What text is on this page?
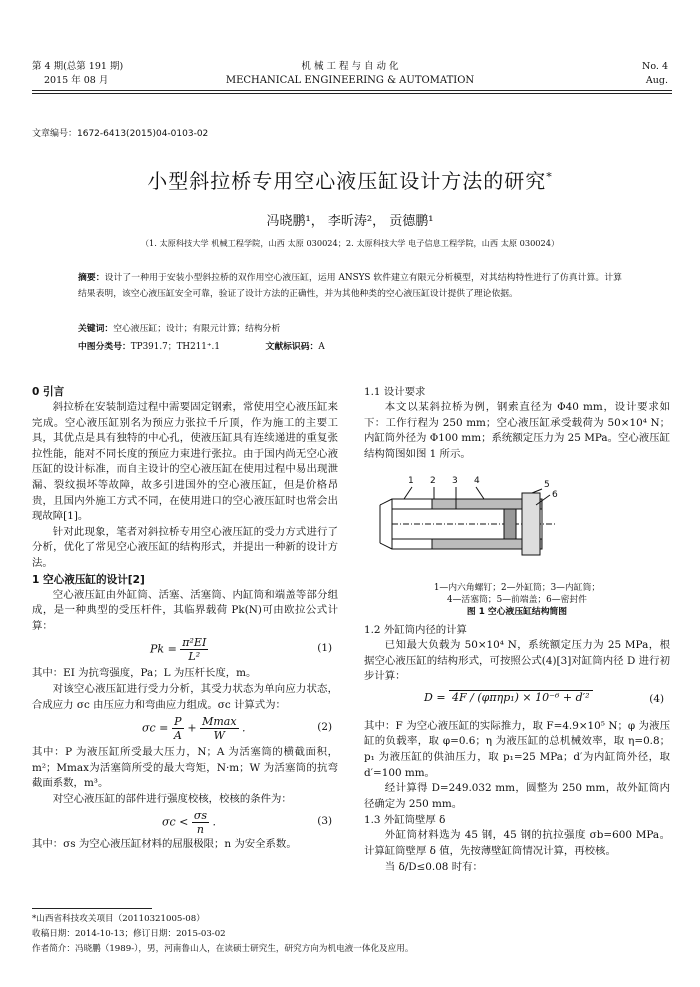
第 4 期(总第 191 期)
2015 年 08 月
机 械 工 程 与 自 动 化
MECHANICAL ENGINEERING & AUTOMATION
No. 4
Aug.
文章编号：1672-6413(2015)04-0103-02
小型斜拉桥专用空心液压缸设计方法的研究*
冯晓鹏¹， 李昕涛²， 贡德鹏¹
（1. 太原科技大学 机械工程学院，山西 太原 030024；2. 太原科技大学 电子信息工程学院，山西 太原 030024）
摘要：设计了一种用于安装小型斜拉桥的双作用空心液压缸，运用 ANSYS 软件建立有限元分析模型，对其结构特性进行了仿真计算。计算结果表明，该空心液压缸安全可靠，验证了设计方法的正确性，并为其他种类的空心液压缸设计提供了理论依据。
关键词：空心液压缸；设计；有限元计算；结构分析
中图分类号：TP391.7；TH211⁺.1	文献标识码：A
0 引言
斜拉桥在安装制造过程中需要固定钢索，常使用空心液压缸来完成。空心液压缸别名为预应力张拉千斤顶，作为施工的主要工具，其优点是具有独特的中心孔，使液压缸具有连续递进的重复张拉性能，能对不同长度的预应力束进行张拉。由于国内尚无空心液压缸的设计标准，而自主设计的空心液压缸在使用过程中易出现泄漏、裂纹损坏等故障，故多引进国外的空心液压缸，但是价格昂贵，且国内外施工方式不同，在使用进口的空心液压缸时也常会出现故障[1]。
针对此现象，笔者对斜拉桥专用空心液压缸的受力方式进行了分析，优化了常见空心液压缸的结构形式，并提出一种新的设计方法。
1 空心液压缸的设计[2]
空心液压缸由外缸筒、活塞、活塞筒、内缸筒和端盖等部分组成，是一种典型的受压杆件，其临界载荷 Pk(N)可由欧拉公式计算：
$Pk = \frac{\text{π²EI}}{\text{L²}}$	(1)
其中：EI 为抗弯强度，Pa；L 为压杆长度，m。
对该空心液压缸进行受力分析，其受力状态为单向应力状态，合成应力 σc 由压应力和弯曲应力组成。σc 计算式为：
$\sigma c = \frac{P}{A} + \frac{Mmax}{W}$ .	(2)
其中：P 为液压缸所受最大压力，N；A 为活塞筒的横截面积，m²；Mmax为活塞筒所受的最大弯矩，N·m；W 为活塞筒的抗弯截面系数，m³。
对空心液压缸的部件进行强度校核，校核的条件为：
$\sigma c < \frac{\sigma s}{n}$ .	(3)
其中：σs 为空心液压缸材料的屈服极限；n 为安全系数。
1.1 设计要求
本文以某斜拉桥为例，钢索直径为 Φ40 mm，设计要求如下：工作行程为 250 mm；空心液压缸承受载荷为 50×10⁴ N；内缸筒外径为 Φ100 mm；系统额定压力为 25 MPa。空心液压缸结构简图如图 1 所示。
1 2 3 4	5
6
1—内六角螺钉；2—外缸筒；3—内缸筒；
4—活塞筒；5—前端盖；6—密封件
图 1 空心液压缸结构简图
1.2 外缸筒内径的计算
已知最大负载为 50×10⁴ N，系统额定压力为 25 MPa，根据空心液压缸的结构形式，可按照公式(4)[3]对缸筒内径 D 进行初步计算：
D = 4F / (φπηp₁) × 10⁻⁶ + d′²	(4)
其中：F 为空心液压缸的实际推力，取 F=4.9×10⁵ N；φ 为液压缸的负载率，取 φ=0.6；η 为液压缸的总机械效率，取 η=0.8；p₁ 为液压缸的供油压力，取 p₁=25 MPa；d′为内缸筒外径，取 d′=100 mm。
经计算得 D=249.032 mm，圆整为 250 mm，故外缸筒内径确定为 250 mm。
1.3 外缸筒壁厚 δ
外缸筒材料选为 45 钢，45 钢的抗拉强度 σb=600 MPa。计算缸筒壁厚 δ 值，先按薄壁缸筒情况计算，再校核。
当 δ/D≤0.08 时有：
*山西省科技攻关项目（20110321005-08）
收稿日期：2014-10-13；修订日期：2015-03-02
作者简介：冯晓鹏（1989-），男，河南鲁山人，在读硕士研究生，研究方向为机电液一体化及应用。
